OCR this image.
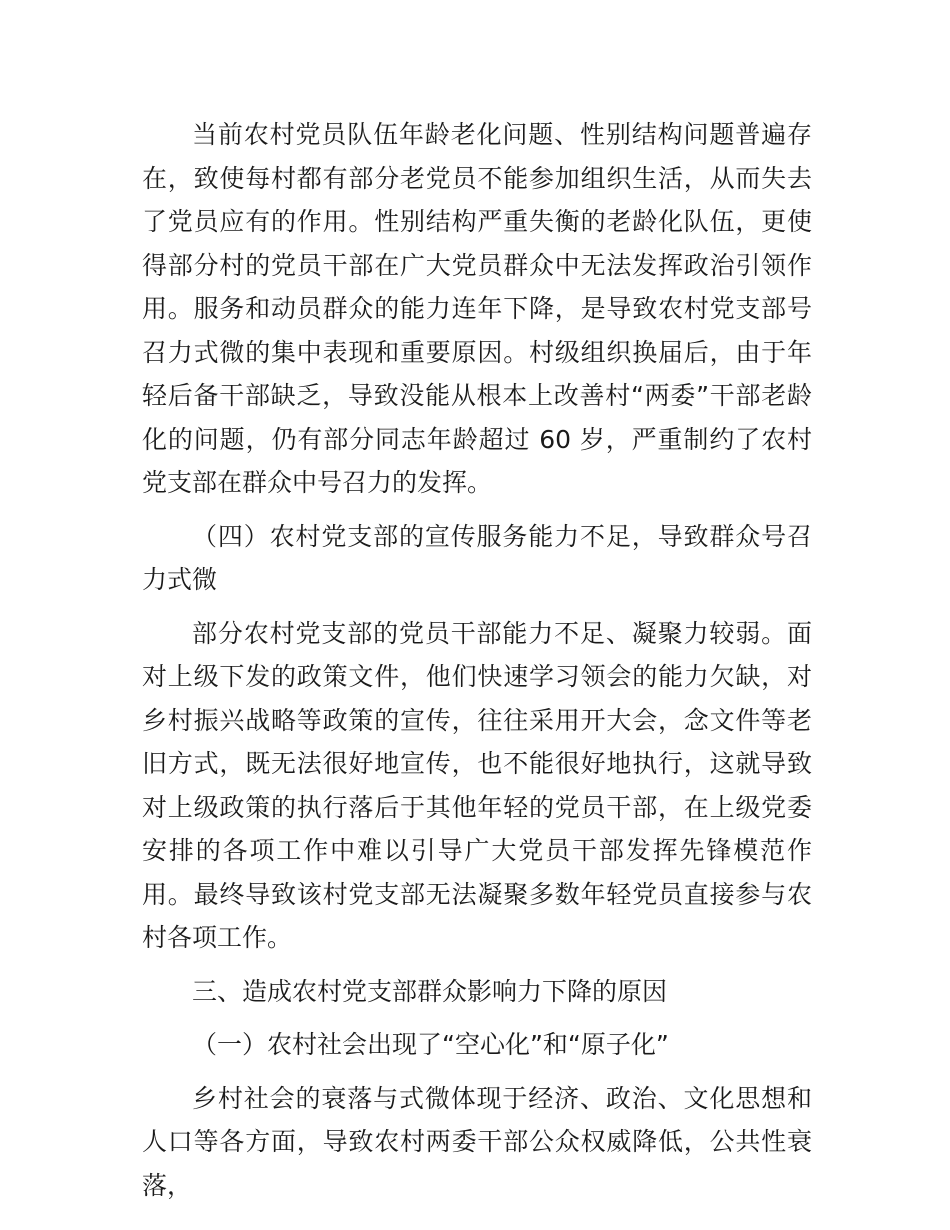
当前农村党员队伍年龄老化问题、性别结构问题普遍存在，致使每村都有部分老党员不能参加组织生活，从而失去了党员应有的作用。性别结构严重失衡的老龄化队伍，更使得部分村的党员干部在广大党员群众中无法发挥政治引领作用。服务和动员群众的能力连年下降，是导致农村党支部号召力式微的集中表现和重要原因。村级组织换届后，由于年轻后备干部缺乏，导致没能从根本上改善村“两委”干部老龄化的问题，仍有部分同志年龄超过 60 岁，严重制约了农村党支部在群众中号召力的发挥。

（四）农村党支部的宣传服务能力不足，导致群众号召力式微

部分农村党支部的党员干部能力不足、凝聚力较弱。面对上级下发的政策文件，他们快速学习领会的能力欠缺，对乡村振兴战略等政策的宣传，往往采用开大会，念文件等老旧方式，既无法很好地宣传，也不能很好地执行，这就导致对上级政策的执行落后于其他年轻的党员干部，在上级党委安排的各项工作中难以引导广大党员干部发挥先锋模范作用。最终导致该村党支部无法凝聚多数年轻党员直接参与农村各项工作。

三、造成农村党支部群众影响力下降的原因

（一）农村社会出现了“空心化”和“原子化”

乡村社会的衰落与式微体现于经济、政治、文化思想和人口等各方面，导致农村两委干部公众权威降低，公共性衰落，
